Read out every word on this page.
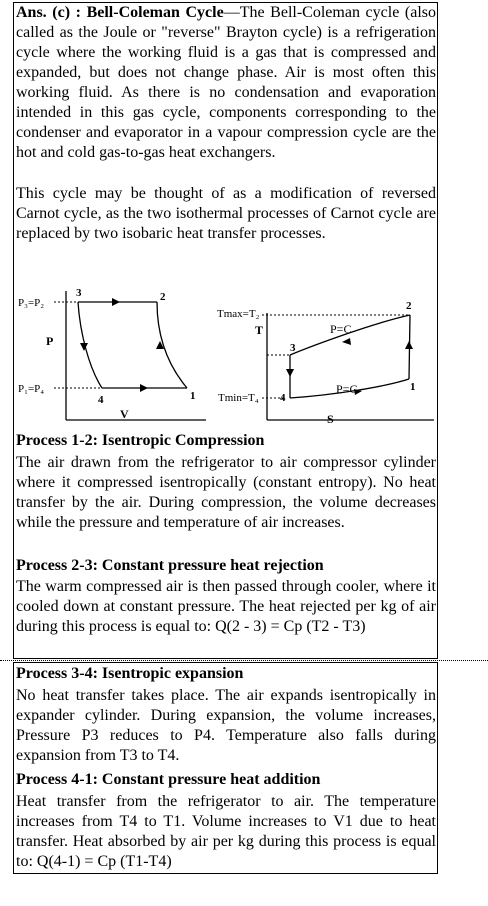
Ans. (c) : Bell-Coleman Cycle—The Bell-Coleman cycle (also called as the Joule or "reverse" Brayton cycle) is a refrigeration cycle where the working fluid is a gas that is compressed and expanded, but does not change phase. Air is most often this working fluid. As there is no condensation and evaporation intended in this gas cycle, components corresponding to the condenser and evaporator in a vapour compression cycle are the hot and cold gas-to-gas heat exchangers.
This cycle may be thought of as a modification of reversed Carnot cycle, as the two isothermal processes of Carnot cycle are replaced by two isobaric heat transfer processes.
P₃=P₂
P₁=P₄
P
V
1
2
3
4
Tmax=T₂
Tmin=T₄
T
S
P=C
P=C	1
2
3
4
Process 1-2: Isentropic Compression
The air drawn from the refrigerator to air compressor cylinder where it compressed isentropically (constant entropy). No heat transfer by the air. During compression, the volume decreases while the pressure and temperature of air increases.
Process 2-3: Constant pressure heat rejection
The warm compressed air is then passed through cooler, where it cooled down at constant pressure. The heat rejected per kg of air during this process is equal to: Q(2 - 3) = Cp (T2 - T3)
Process 3-4: Isentropic expansion
No heat transfer takes place. The air expands isentropically in expander cylinder. During expansion, the volume increases, Pressure P3 reduces to P4. Temperature also falls during expansion from T3 to T4.
Process 4-1: Constant pressure heat addition
Heat transfer from the refrigerator to air. The temperature increases from T4 to T1. Volume increases to V1 due to heat transfer. Heat absorbed by air per kg during this process is equal to: Q(4-1) = Cp (T1-T4)
